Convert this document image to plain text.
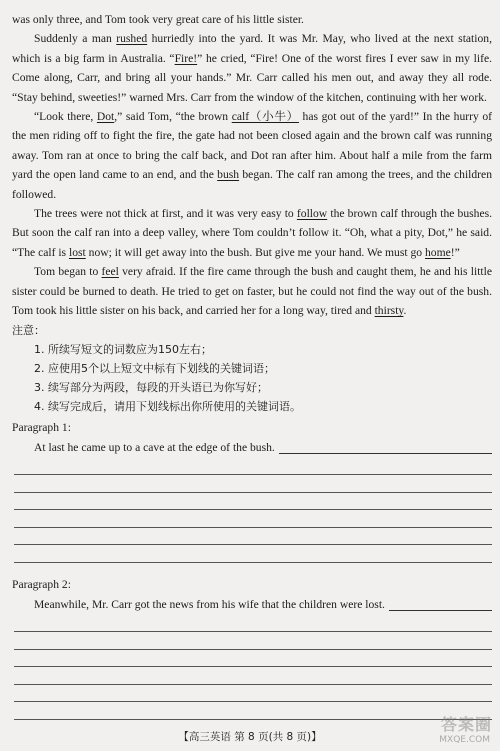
was only three, and Tom took very great care of his little sister.

Suddenly a man rushed hurriedly into the yard. It was Mr. May, who lived at the next station, which is a big farm in Australia. “Fire!” he cried, “Fire! One of the worst fires I ever saw in my life. Come along, Carr, and bring all your hands.” Mr. Carr called his men out, and away they all rode. “Stay behind, sweeties!” warned Mrs. Carr from the window of the kitchen, continuing with her work.

“Look there, Dot,” said Tom, “the brown calf（小牛） has got out of the yard!” In the hurry of the men riding off to fight the fire, the gate had not been closed again and the brown calf was running away. Tom ran at once to bring the calf back, and Dot ran after him. About half a mile from the farm yard the open land came to an end, and the bush began. The calf ran among the trees, and the children followed.

The trees were not thick at first, and it was very easy to follow the brown calf through the bushes. But soon the calf ran into a deep valley, where Tom couldn’t follow it. “Oh, what a pity, Dot,” he said. “The calf is lost now; it will get away into the bush. But give me your hand. We must go home!”

Tom began to feel very afraid. If the fire came through the bush and caught them, he and his little sister could be burned to death. He tried to get on faster, but he could not find the way out of the bush. Tom took his little sister on his back, and carried her for a long way, tired and thirsty.

注意：
1. 所续写短文的词数应为150左右；
2. 应使用5个以上短文中标有下划线的关键词语；
3. 续写部分为两段，每段的开头语已为你写好；
4. 续写完成后，请用下划线标出你所使用的关键词语。
Paragraph 1:
At last he came up to a cave at the edge of the bush.
Paragraph 2:
Meanwhile, Mr. Carr got the news from his wife that the children were lost.
【高三英语 第 8 页(共 8 页)】
答案圈
MXQE.COM
